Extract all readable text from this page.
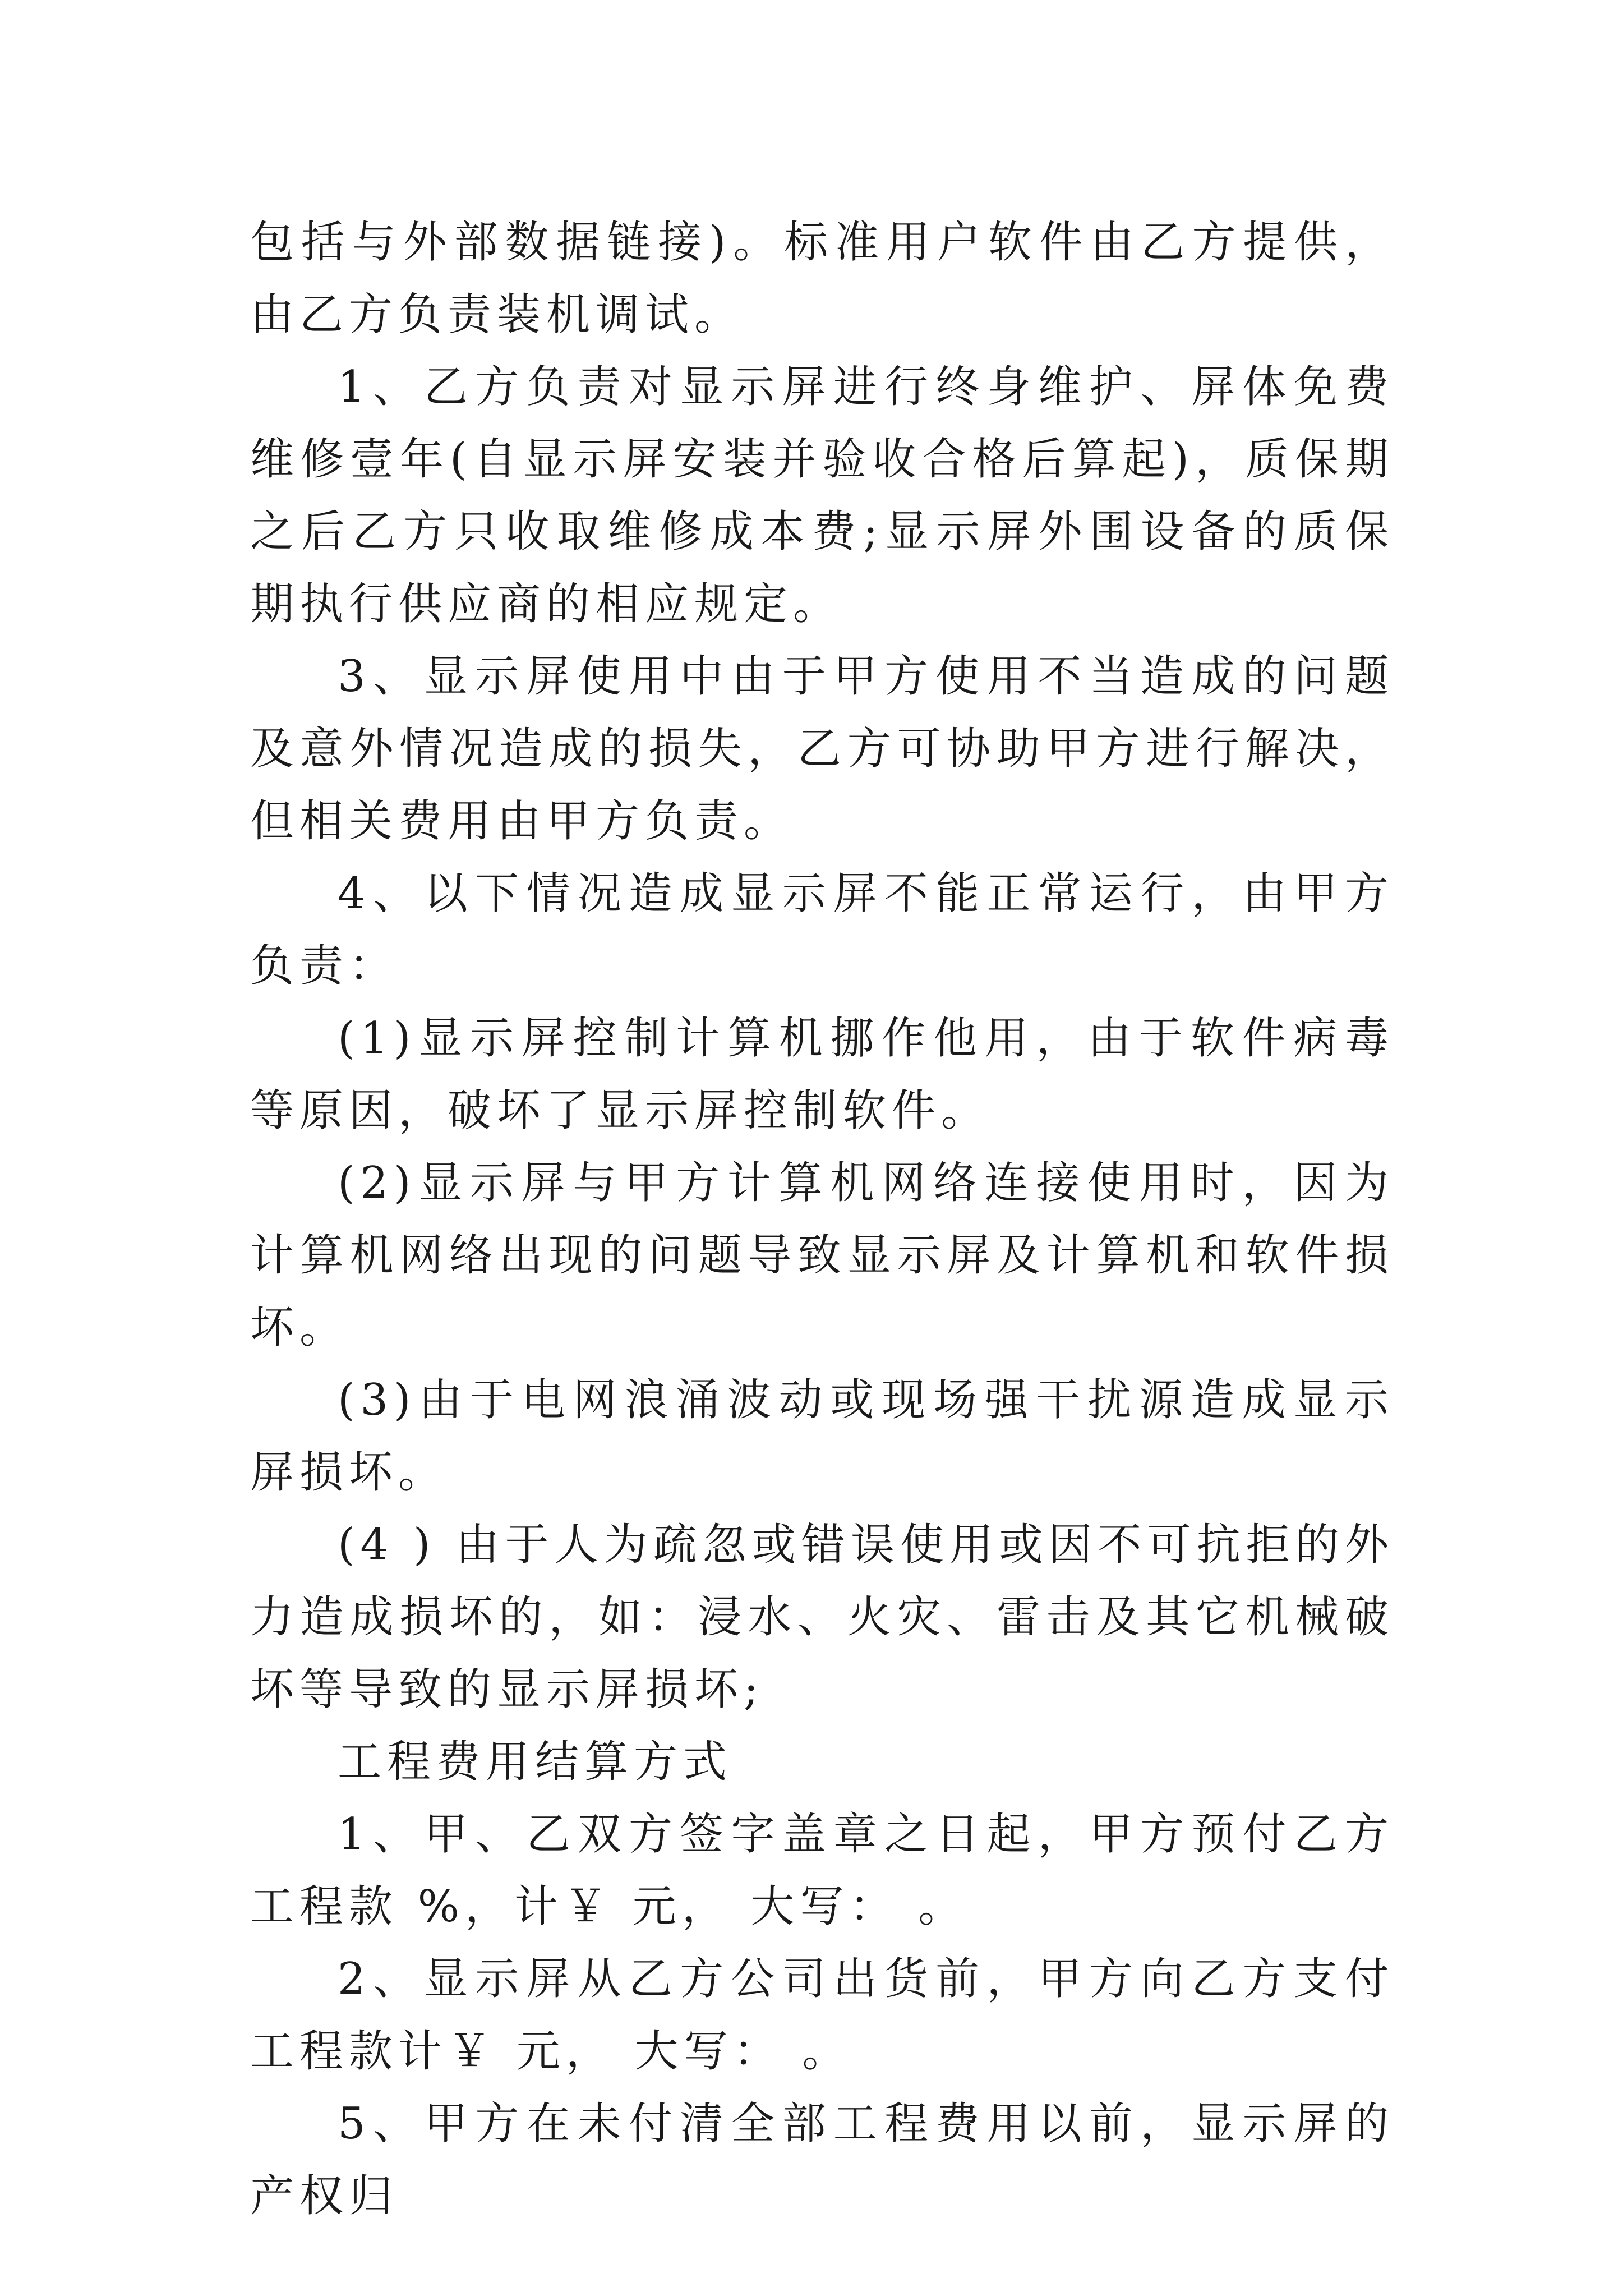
包括与外部数据链接)。标准用户软件由乙方提供，由乙方负责装机调试。

1、乙方负责对显示屏进行终身维护、屏体免费维修壹年(自显示屏安装并验收合格后算起)，质保期之后乙方只收取维修成本费;显示屏外围设备的质保期执行供应商的相应规定。

3、显示屏使用中由于甲方使用不当造成的问题及意外情况造成的损失，乙方可协助甲方进行解决，但相关费用由甲方负责。

4、以下情况造成显示屏不能正常运行，由甲方负责：

(1)显示屏控制计算机挪作他用，由于软件病毒等原因，破坏了显示屏控制软件。

(2)显示屏与甲方计算机网络连接使用时，因为计算机网络出现的问题导致显示屏及计算机和软件损坏。

(3)由于电网浪涌波动或现场强干扰源造成显示屏损坏。

(4 ) 由于人为疏忽或错误使用或因不可抗拒的外力造成损坏的，如：浸水、火灾、雷击及其它机械破坏等导致的显示屏损坏;

工程费用结算方式

1、甲、乙双方签字盖章之日起，甲方预付乙方工程款 %，计￥ 元， 大写： 。

2、显示屏从乙方公司出货前，甲方向乙方支付工程款计￥ 元， 大写： 。

5、甲方在未付清全部工程费用以前，显示屏的产权归
